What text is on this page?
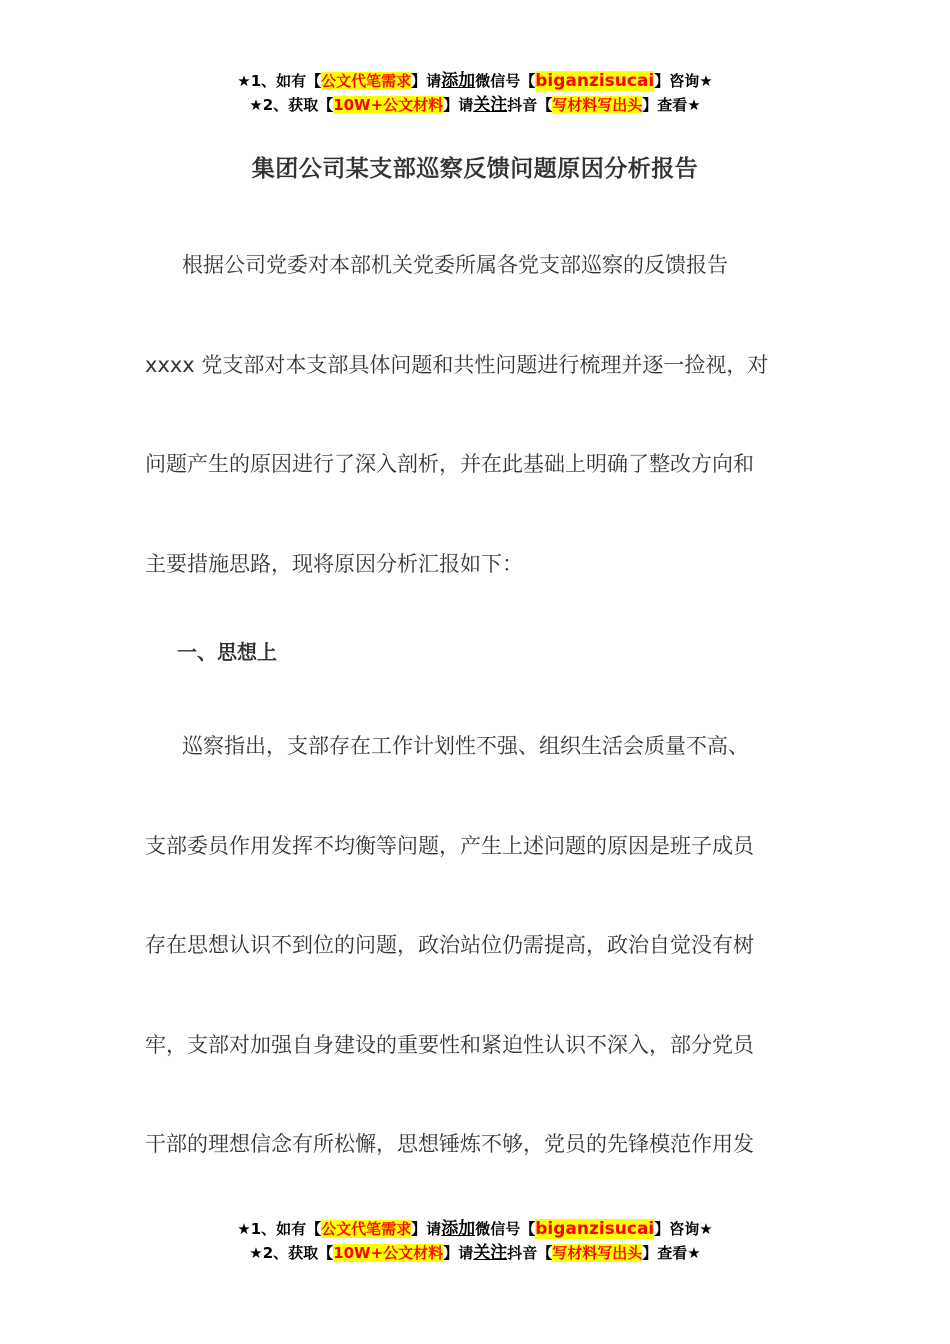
★1、如有【公文代笔需求】请添加微信号【biganzisucai】咨询★
★2、获取【10W+公文材料】请关注抖音【写材料写出头】查看★
集团公司某支部巡察反馈问题原因分析报告
根据公司党委对本部机关党委所属各党支部巡察的反馈报告
xxxx 党支部对本支部具体问题和共性问题进行梳理并逐一捡视，对
问题产生的原因进行了深入剖析，并在此基础上明确了整改方向和
主要措施思路，现将原因分析汇报如下：
一、思想上
巡察指出，支部存在工作计划性不强、组织生活会质量不高、
支部委员作用发挥不均衡等问题，产生上述问题的原因是班子成员
存在思想认识不到位的问题，政治站位仍需提高，政治自觉没有树
牢，支部对加强自身建设的重要性和紧迫性认识不深入，部分党员
干部的理想信念有所松懈，思想锤炼不够，党员的先锋模范作用发
★1、如有【公文代笔需求】请添加微信号【biganzisucai】咨询★
★2、获取【10W+公文材料】请关注抖音【写材料写出头】查看★
